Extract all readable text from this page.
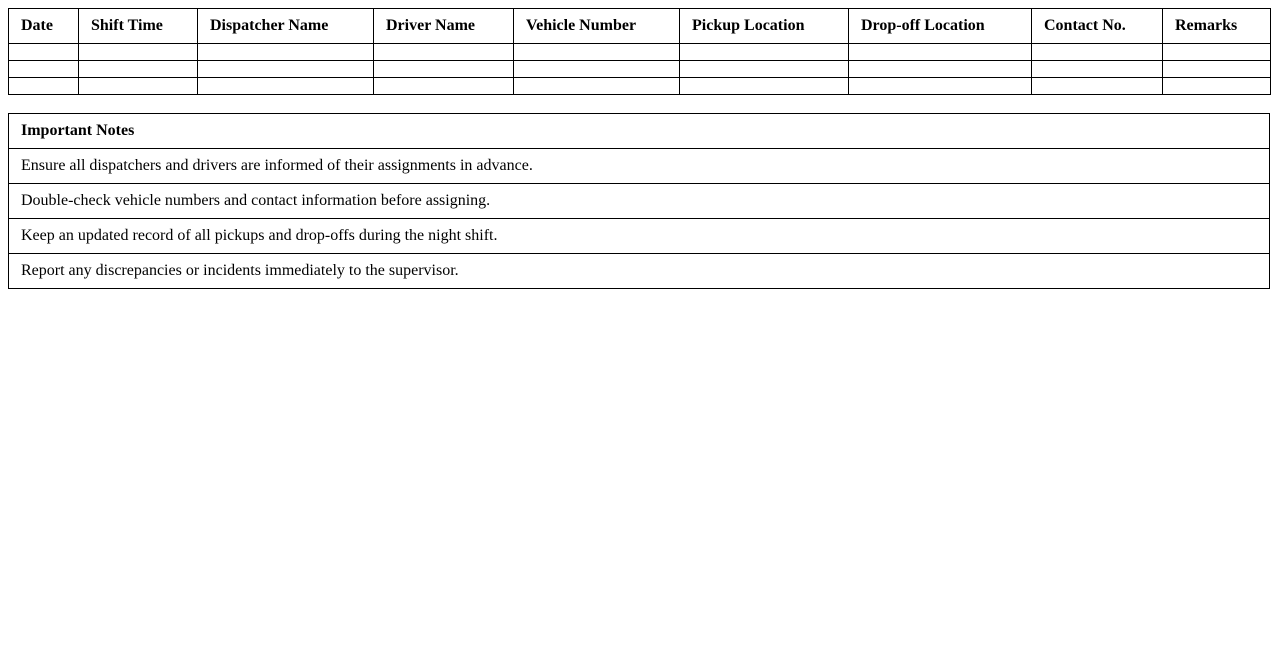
Date	Shift Time	Dispatcher Name	Driver Name	Vehicle Number	Pickup Location	Drop-off Location	Contact No.	Remarks

Important Notes
Ensure all dispatchers and drivers are informed of their assignments in advance.
Double-check vehicle numbers and contact information before assigning.
Keep an updated record of all pickups and drop-offs during the night shift.
Report any discrepancies or incidents immediately to the supervisor.
